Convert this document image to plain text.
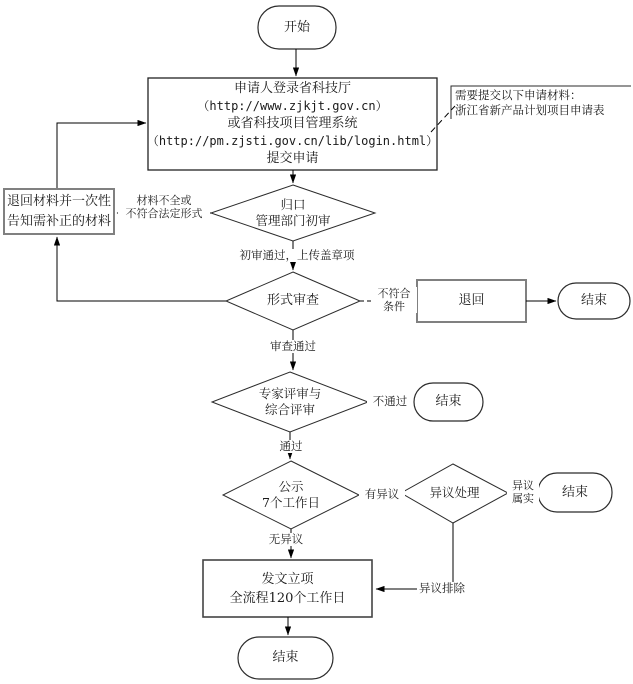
开始
申请人登录省科技厅
（http://www.zjkjt.gov.cn）
或省科技项目管理系统
（http://pm.zjsti.gov.cn/lib/login.html）
提交申请
需要提交以下申请材料：
浙江省新产品计划项目申请表
归口
管理部门初审
退回材料并一次性
告知需补正的材料
形式审查	退回	结束
专家评审与
综合评审
结束
公示
7个工作日
异议处理	结束
发文立项
全流程120个工作日
结束
材料不全或
不符合法定形式
初审通过，上传盖章项
不符合
条件
审查通过
不通过
通过
有异议
异议
属实
无异议
异议排除
